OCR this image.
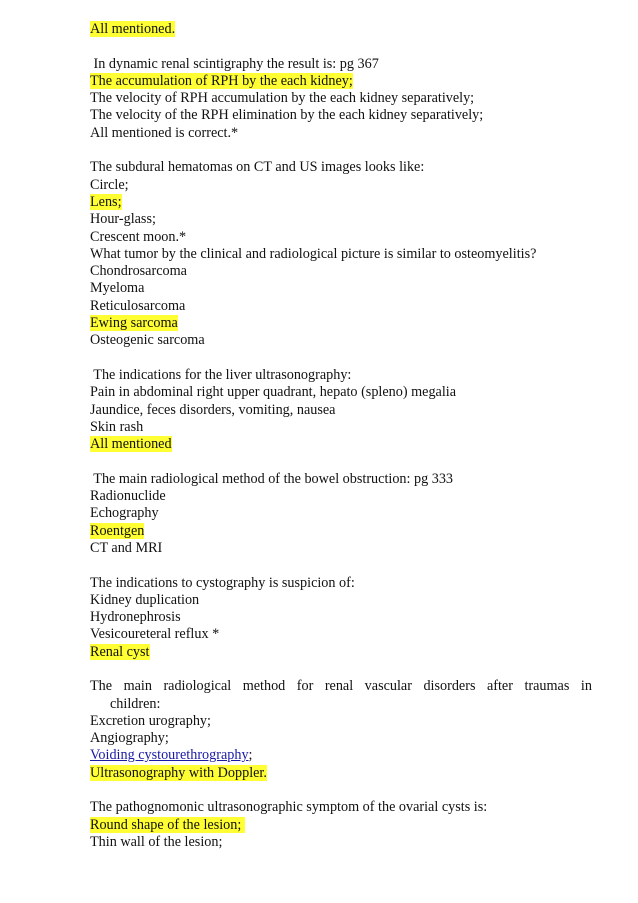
All mentioned.
In dynamic renal scintigraphy the result is: pg 367
The accumulation of RPH by the each kidney;
The velocity of RPH accumulation by the each kidney separatively;
The velocity of the RPH elimination by the each kidney separatively;
All mentioned is correct.*
The subdural hematomas on CT and US images looks like:
Circle;
Lens;
Hour-glass;
Crescent moon.*
What tumor by the clinical and radiological picture is similar to osteomyelitis?
Chondrosarcoma
Myeloma
Reticulosarcoma
Ewing sarcoma
Osteogenic sarcoma
The indications for the liver ultrasonography:
Pain in abdominal right upper quadrant, hepato (spleno) megalia
Jaundice, feces disorders, vomiting, nausea
Skin rash
All mentioned
The main radiological method of the bowel obstruction: pg 333
Radionuclide
Echography
Roentgen
CT and MRI
The indications to cystography is suspicion of:
Kidney duplication
Hydronephrosis
Vesicoureteral reflux *
Renal cyst
The main radiological method for renal vascular disorders after traumas in
children:
Excretion urography;
Angiography;
Voiding cystourethrography;
Ultrasonography with Doppler.
The pathognomonic ultrasonographic symptom of the ovarial cysts is:
Round shape of the lesion;
Thin wall of the lesion;
